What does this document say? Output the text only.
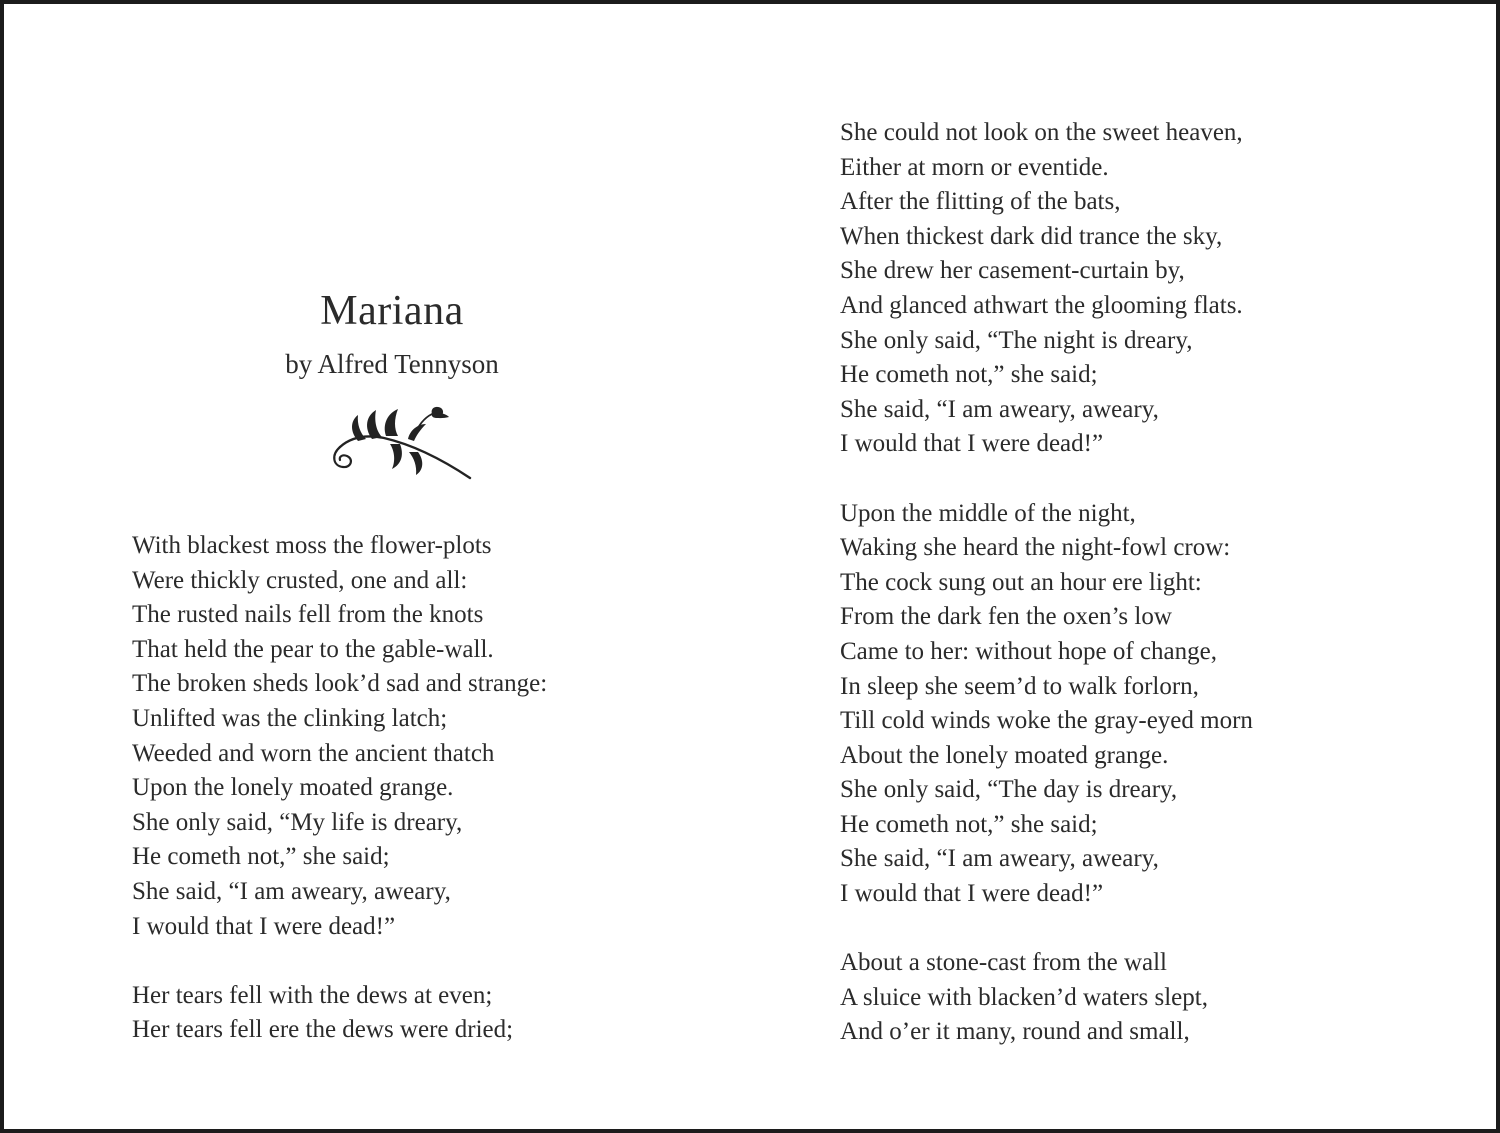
Mariana
by Alfred Tennyson
With blackest moss the flower-plots
Were thickly crusted, one and all:
The rusted nails fell from the knots
That held the pear to the gable-wall.
The broken sheds look’d sad and strange:
Unlifted was the clinking latch;
Weeded and worn the ancient thatch
Upon the lonely moated grange.
She only said, “My life is dreary,
He cometh not,” she said;
She said, “I am aweary, aweary,
I would that I were dead!”
Her tears fell with the dews at even;
Her tears fell ere the dews were dried;
She could not look on the sweet heaven,
Either at morn or eventide.
After the flitting of the bats,
When thickest dark did trance the sky,
She drew her casement-curtain by,
And glanced athwart the glooming flats.
She only said, “The night is dreary,
He cometh not,” she said;
She said, “I am aweary, aweary,
I would that I were dead!”
Upon the middle of the night,
Waking she heard the night-fowl crow:
The cock sung out an hour ere light:
From the dark fen the oxen’s low
Came to her: without hope of change,
In sleep she seem’d to walk forlorn,
Till cold winds woke the gray-eyed morn
About the lonely moated grange.
She only said, “The day is dreary,
He cometh not,” she said;
She said, “I am aweary, aweary,
I would that I were dead!”
About a stone-cast from the wall
A sluice with blacken’d waters slept,
And o’er it many, round and small,
